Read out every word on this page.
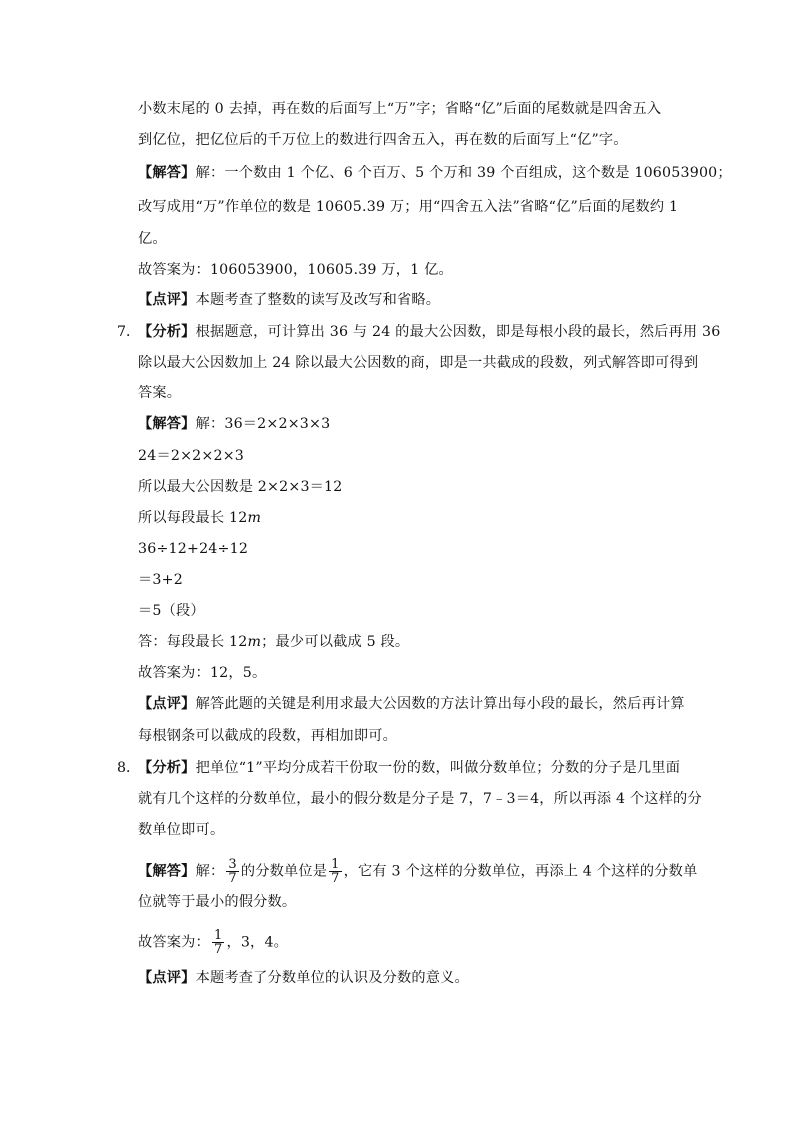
小数末尾的 0 去掉，再在数的后面写上“万”字；省略“亿”后面的尾数就是四舍五入
到亿位，把亿位后的千万位上的数进行四舍五入，再在数的后面写上“亿”字。
【解答】解：一个数由 1 个亿、6 个百万、5 个万和 39 个百组成，这个数是 106053900；
改写成用“万”作单位的数是 10605.39 万；用“四舍五入法”省略“亿”后面的尾数约 1
亿。
故答案为：106053900，10605.39 万，1 亿。
【点评】本题考查了整数的读写及改写和省略。
7．
【分析】根据题意，可计算出 36 与 24 的最大公因数，即是每根小段的最长，然后再用 36
除以最大公因数加上 24 除以最大公因数的商，即是一共截成的段数，列式解答即可得到
答案。
【解答】解：36＝2×2×3×3
24＝2×2×2×3
所以最大公因数是 2×2×3＝12
所以每段最长 12m
36÷12+24÷12
＝3+2
＝5（段）
答：每段最长 12m；最少可以截成 5 段。
故答案为：12，5。
【点评】解答此题的关键是利用求最大公因数的方法计算出每小段的最长，然后再计算
每根钢条可以截成的段数，再相加即可。
8．
【分析】把单位“1”平均分成若干份取一份的数，叫做分数单位；分数的分子是几里面
就有几个这样的分数单位，最小的假分数是分子是 7，7﹣3＝4，所以再添 4 个这样的分
数单位即可。
【解答】解： $\frac{3}{7}$ 的分数单位是 $\frac{1}{7}$ ，它有 3 个这样的分数单位，再添上 4 个这样的分数单
位就等于最小的假分数。
故答案为： $\frac{1}{7}$ ，3，4。
【点评】本题考查了分数单位的认识及分数的意义。
